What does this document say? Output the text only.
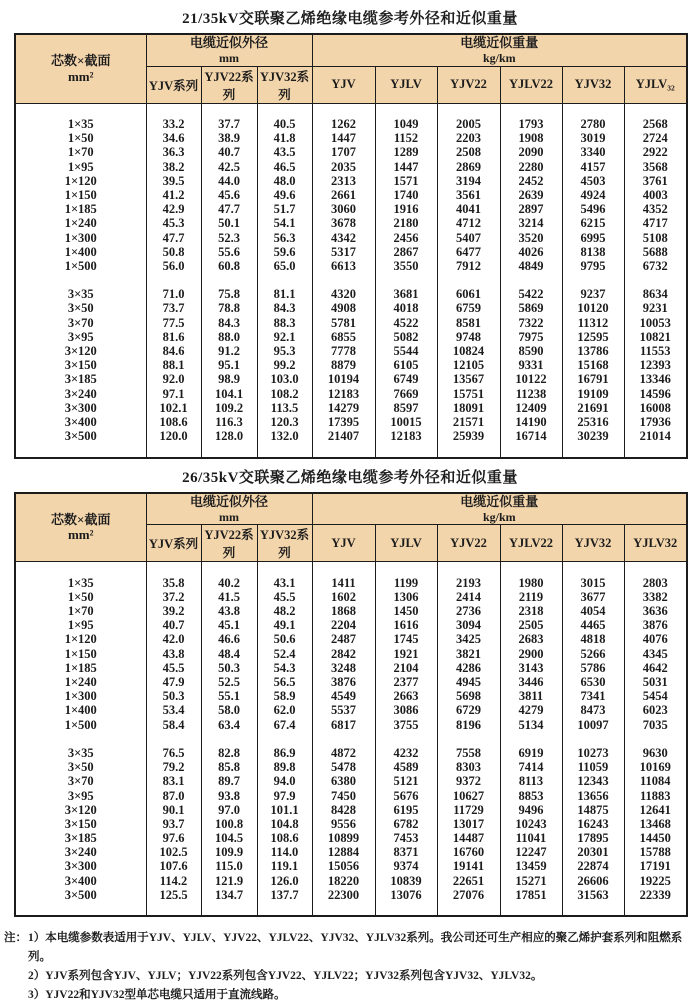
21/35kV交联聚乙烯绝缘电缆参考外径和近似重量
芯数×截面
mm²

电缆近似外径
mm

电缆近似重量
kg/km

	YJV系列	YJV22系列	YJV32系列	YJV	YJLV	YJV22	YJLV22	YJV32	YJLV₃₂

1×35	33.2	37.7	40.5	1262	1049	2005	1793	2780	2568
1×50	34.6	38.9	41.8	1447	1152	2203	1908	3019	2724
1×70	36.3	40.7	43.5	1707	1289	2508	2090	3340	2922
1×95	38.2	42.5	46.5	2035	1447	2869	2280	4157	3568
1×120	39.5	44.0	48.0	2313	1571	3194	2452	4503	3761
1×150	41.2	45.6	49.6	2661	1740	3561	2639	4924	4003
1×185	42.9	47.7	51.7	3060	1916	4041	2897	5496	4352
1×240	45.3	50.1	54.1	3678	2180	4712	3214	6215	4717
1×300	47.7	52.3	56.3	4342	2456	5407	3520	6995	5108
1×400	50.8	55.6	59.6	5317	2867	6477	4026	8138	5688
1×500	56.0	60.8	65.0	6613	3550	7912	4849	9795	6732

3×35	71.0	75.8	81.1	4320	3681	6061	5422	9237	8634
3×50	73.7	78.8	84.3	4908	4018	6759	5869	10120	9231
3×70	77.5	84.3	88.3	5781	4522	8581	7322	11312	10053
3×95	81.6	88.0	92.1	6855	5082	9748	7975	12595	10821
3×120	84.6	91.2	95.3	7778	5544	10824	8590	13786	11553
3×150	88.1	95.1	99.2	8879	6105	12105	9331	15168	12393
3×185	92.0	98.9	103.0	10194	6749	13567	10122	16791	13346
3×240	97.1	104.1	108.2	12183	7669	15751	11238	19109	14596
3×300	102.1	109.2	113.5	14279	8597	18091	12409	21691	16008
3×400	108.6	116.3	120.3	17395	10015	21571	14190	25316	17936
3×500	120.0	128.0	132.0	21407	12183	25939	16714	30239	21014

26/35kV交联聚乙烯绝缘电缆参考外径和近似重量
芯数×截面
mm²

电缆近似外径
mm

电缆近似重量
kg/km

	YJV系列	YJV22系列	YJV32系列	YJV	YJLV	YJV22	YJLV22	YJV32	YJLV32

1×35	35.8	40.2	43.1	1411	1199	2193	1980	3015	2803
1×50	37.2	41.5	45.5	1602	1306	2414	2119	3677	3382
1×70	39.2	43.8	48.2	1868	1450	2736	2318	4054	3636
1×95	40.7	45.1	49.1	2204	1616	3094	2505	4465	3876
1×120	42.0	46.6	50.6	2487	1745	3425	2683	4818	4076
1×150	43.8	48.4	52.4	2842	1921	3821	2900	5266	4345
1×185	45.5	50.3	54.3	3248	2104	4286	3143	5786	4642
1×240	47.9	52.5	56.5	3876	2377	4945	3446	6530	5031
1×300	50.3	55.1	58.9	4549	2663	5698	3811	7341	5454
1×400	53.4	58.0	62.0	5537	3086	6729	4279	8473	6023
1×500	58.4	63.4	67.4	6817	3755	8196	5134	10097	7035

3×35	76.5	82.8	86.9	4872	4232	7558	6919	10273	9630
3×50	79.2	85.8	89.8	5478	4589	8303	7414	11059	10169
3×70	83.1	89.7	94.0	6380	5121	9372	8113	12343	11084
3×95	87.0	93.8	97.9	7450	5676	10627	8853	13656	11883
3×120	90.1	97.0	101.1	8428	6195	11729	9496	14875	12641
3×150	93.7	100.8	104.8	9556	6782	13017	10243	16243	13468
3×185	97.6	104.5	108.6	10899	7453	14487	11041	17895	14450
3×240	102.5	109.9	114.0	12884	8371	16760	12247	20301	15788
3×300	107.6	115.0	119.1	15056	9374	19141	13459	22874	17191
3×400	114.2	121.9	126.0	18220	10839	22651	15271	26606	19225
3×500	125.5	134.7	137.7	22300	13076	27076	17851	31563	22339

注： 1）本电缆参数表适用于YJV、YJLV、YJV22、YJLV22、YJV32、YJLV32系列。我公司还可生产相应的聚乙烯护套系列和阻燃系列。
2）YJV系列包含YJV、YJLV；YJV22系列包含YJV22、YJLV22；YJV32系列包含YJV32、YJLV32。
3）YJV22和YJV32型单芯电缆只适用于直流线路。
